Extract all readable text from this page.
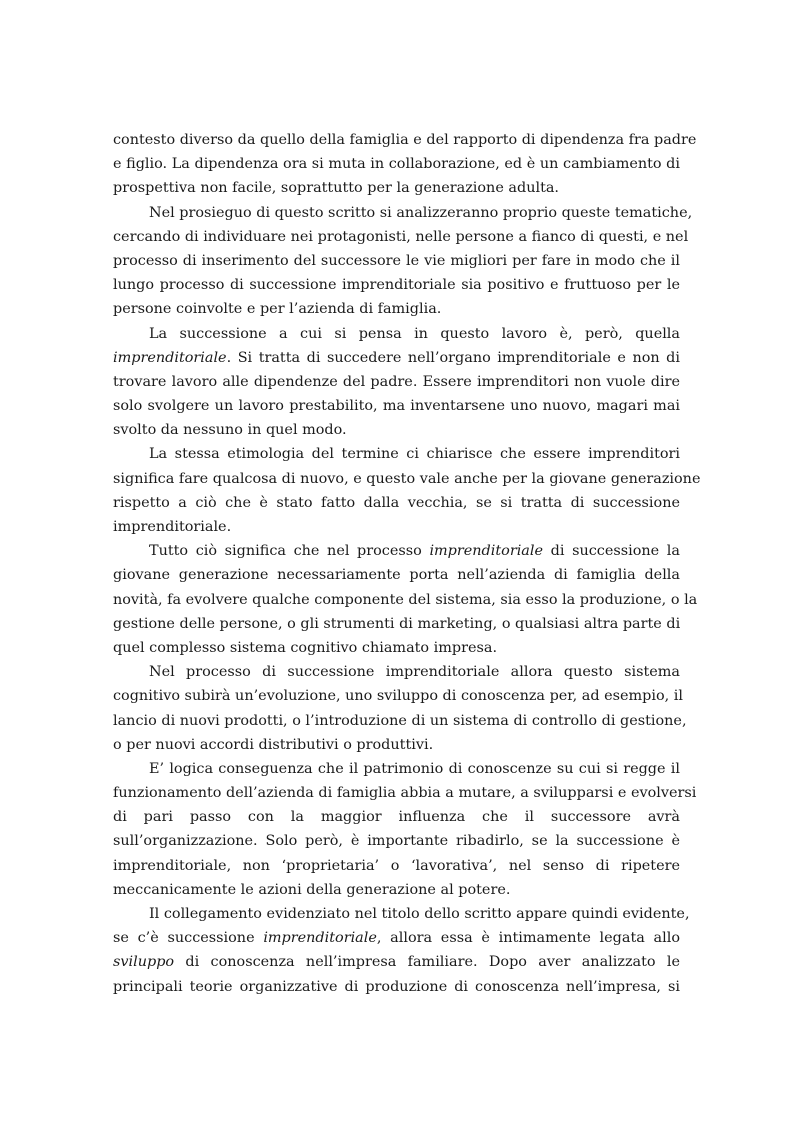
contesto diverso da quello della famiglia e del rapporto di dipendenza fra padre
e figlio. La dipendenza ora si muta in collaborazione, ed è un cambiamento di
prospettiva non facile, soprattutto per la generazione adulta.
Nel prosieguo di questo scritto si analizzeranno proprio queste tematiche,
cercando di individuare nei protagonisti, nelle persone a fianco di questi, e nel
processo di inserimento del successore le vie migliori per fare in modo che il
lungo processo di successione imprenditoriale sia positivo e fruttuoso per le
persone coinvolte e per l’azienda di famiglia.
La successione a cui si pensa in questo lavoro è, però, quella
imprenditoriale. Si tratta di succedere nell’organo imprenditoriale e non di
trovare lavoro alle dipendenze del padre. Essere imprenditori non vuole dire
solo svolgere un lavoro prestabilito, ma inventarsene uno nuovo, magari mai
svolto da nessuno in quel modo.
La stessa etimologia del termine ci chiarisce che essere imprenditori
significa fare qualcosa di nuovo, e questo vale anche per la giovane generazione
rispetto a ciò che è stato fatto dalla vecchia, se si tratta di successione
imprenditoriale.
Tutto ciò significa che nel processo imprenditoriale di successione la
giovane generazione necessariamente porta nell’azienda di famiglia della
novità, fa evolvere qualche componente del sistema, sia esso la produzione, o la
gestione delle persone, o gli strumenti di marketing, o qualsiasi altra parte di
quel complesso sistema cognitivo chiamato impresa.
Nel processo di successione imprenditoriale allora questo sistema
cognitivo subirà un’evoluzione, uno sviluppo di conoscenza per, ad esempio, il
lancio di nuovi prodotti, o l’introduzione di un sistema di controllo di gestione,
o per nuovi accordi distributivi o produttivi.
E’ logica conseguenza che il patrimonio di conoscenze su cui si regge il
funzionamento dell’azienda di famiglia abbia a mutare, a svilupparsi e evolversi
di pari passo con la maggior influenza che il successore avrà
sull’organizzazione. Solo però, è importante ribadirlo, se la successione è
imprenditoriale, non ‘proprietaria’ o ‘lavorativa’, nel senso di ripetere
meccanicamente le azioni della generazione al potere.
Il collegamento evidenziato nel titolo dello scritto appare quindi evidente,
se c’è successione imprenditoriale, allora essa è intimamente legata allo
sviluppo di conoscenza nell’impresa familiare. Dopo aver analizzato le
principali teorie organizzative di produzione di conoscenza nell’impresa, si
